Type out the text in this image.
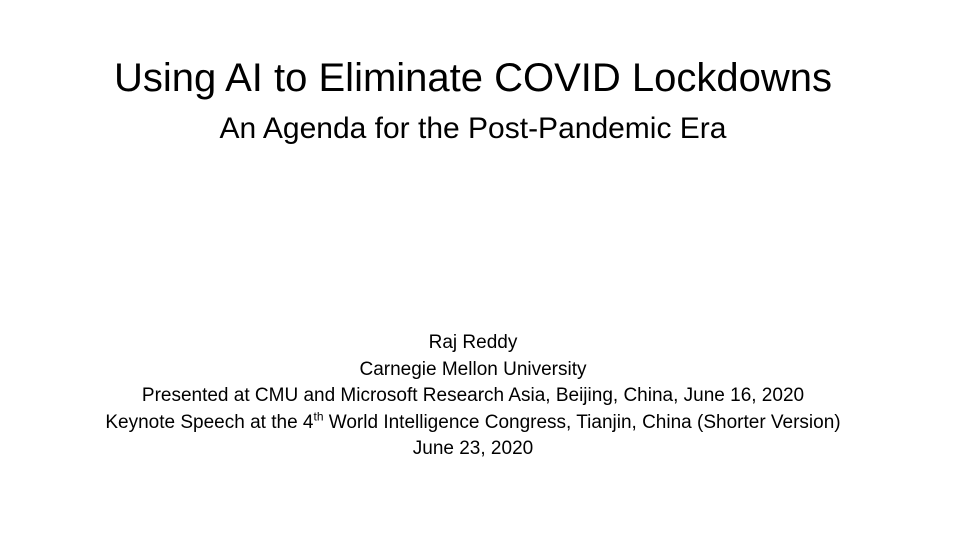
Using AI to Eliminate COVID Lockdowns
An Agenda for the Post-Pandemic Era
Raj Reddy
Carnegie Mellon University
Presented at CMU and Microsoft Research Asia, Beijing, China, June 16, 2020
Keynote Speech at the 4th World Intelligence Congress, Tianjin, China (Shorter Version)
June 23, 2020
